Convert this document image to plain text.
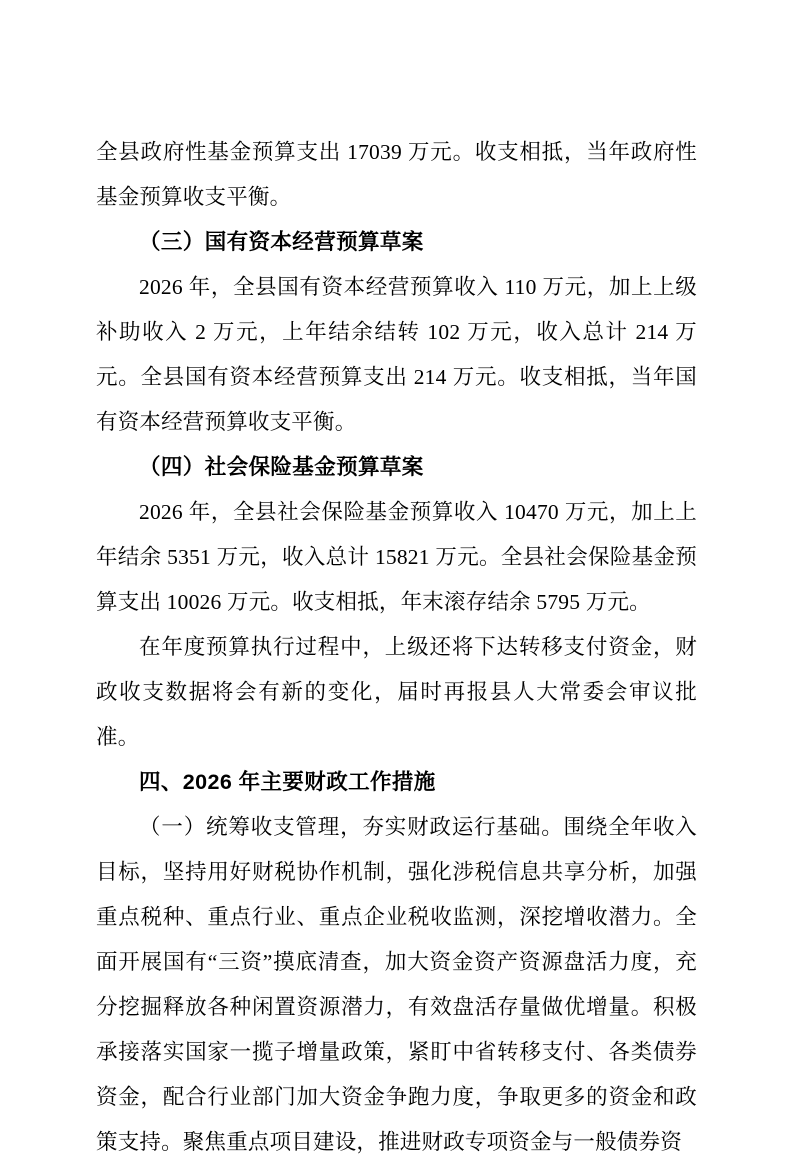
全县政府性基金预算支出 17039 万元。收支相抵，当年政府性基金预算收支平衡。

（三）国有资本经营预算草案

2026 年，全县国有资本经营预算收入 110 万元，加上上级补助收入 2 万元，上年结余结转 102 万元，收入总计 214 万元。全县国有资本经营预算支出 214 万元。收支相抵，当年国有资本经营预算收支平衡。

（四）社会保险基金预算草案

2026 年，全县社会保险基金预算收入 10470 万元，加上上年结余 5351 万元，收入总计 15821 万元。全县社会保险基金预算支出 10026 万元。收支相抵，年末滚存结余 5795 万元。

在年度预算执行过程中，上级还将下达转移支付资金，财政收支数据将会有新的变化，届时再报县人大常委会审议批准。

四、2026 年主要财政工作措施

（一）统筹收支管理，夯实财政运行基础。围绕全年收入目标，坚持用好财税协作机制，强化涉税信息共享分析，加强重点税种、重点行业、重点企业税收监测，深挖增收潜力。全面开展国有“三资”摸底清查，加大资金资产资源盘活力度，充分挖掘释放各种闲置资源潜力，有效盘活存量做优增量。积极承接落实国家一揽子增量政策，紧盯中省转移支付、各类债券资金，配合行业部门加大资金争跑力度，争取更多的资金和政策支持。聚焦重点项目建设，推进财政专项资金与一般债券资
